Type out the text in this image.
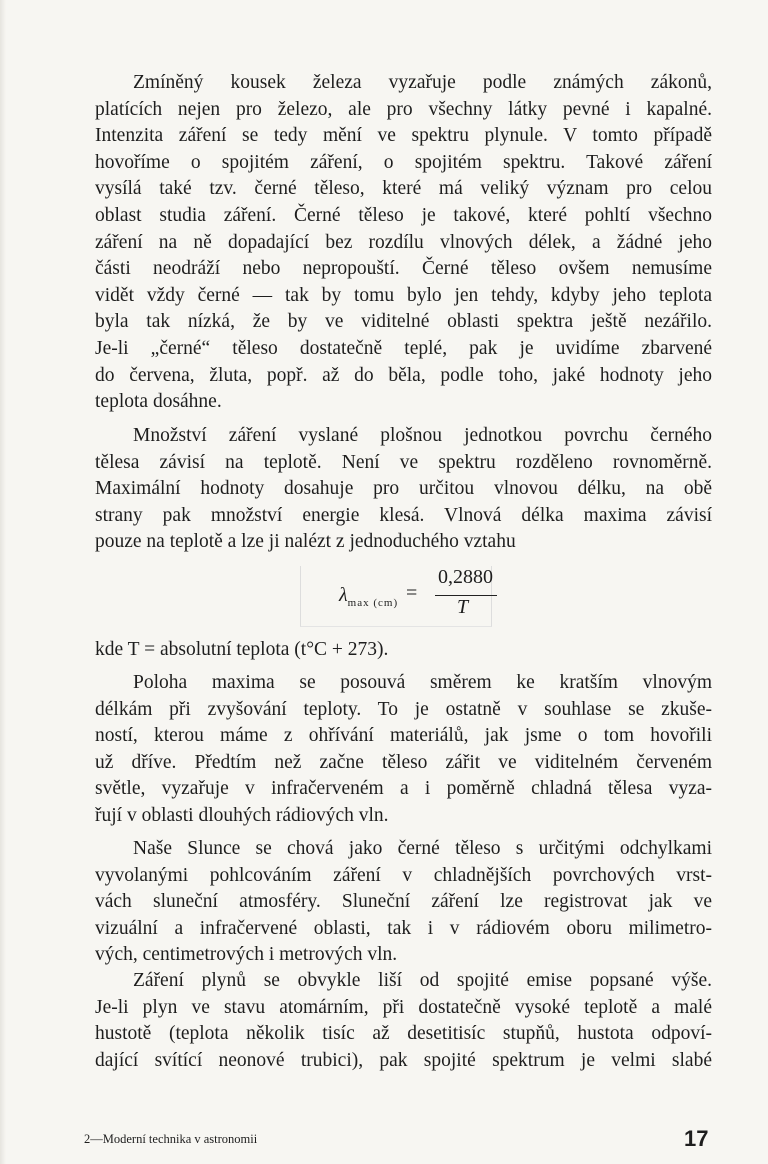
Zmíněný kousek železa vyzařuje podle známých zákonů,
platících nejen pro železo, ale pro všechny látky pevné i kapalné.
Intenzita záření se tedy mění ve spektru plynule. V tomto případě
hovoříme o spojitém záření, o spojitém spektru. Takové záření
vysílá také tzv. černé těleso, které má veliký význam pro celou
oblast studia záření. Černé těleso je takové, které pohltí všechno
záření na ně dopadající bez rozdílu vlnových délek, a žádné jeho
části neodráží nebo nepropouští. Černé těleso ovšem nemusíme
vidět vždy černé — tak by tomu bylo jen tehdy, kdyby jeho teplota
byla tak nízká, že by ve viditelné oblasti spektra ještě nezářilo.
Je-li „černé“ těleso dostatečně teplé, pak je uvidíme zbarvené
do červena, žluta, popř. až do běla, podle toho, jaké hodnoty jeho
teplota dosáhne.
Množství záření vyslané plošnou jednotkou povrchu černého
tělesa závisí na teplotě. Není ve spektru rozděleno rovnoměrně.
Maximální hodnoty dosahuje pro určitou vlnovou délku, na obě
strany pak množství energie klesá. Vlnová délka maxima závisí
pouze na teplotě a lze ji nalézt z jednoduchého vztahu
$\lambda_{max (cm)}$ =
0,2880
T
kde T = absolutní teplota (t°C + 273).
Poloha maxima se posouvá směrem ke kratším vlnovým
délkám při zvyšování teploty. To je ostatně v souhlase se zkuše-
ností, kterou máme z ohřívání materiálů, jak jsme o tom hovořili
už dříve. Předtím než začne těleso zářit ve viditelném červeném
světle, vyzařuje v infračerveném a i poměrně chladná tělesa vyza-
řují v oblasti dlouhých rádiových vln.
Naše Slunce se chová jako černé těleso s určitými odchylkami
vyvolanými pohlcováním záření v chladnějších povrchových vrst-
vách sluneční atmosféry. Sluneční záření lze registrovat jak ve
vizuální a infračervené oblasti, tak i v rádiovém oboru milimetro-
vých, centimetrových i metrových vln.
Záření plynů se obvykle liší od spojité emise popsané výše.
Je-li plyn ve stavu atomárním, při dostatečně vysoké teplotě a malé
hustotě (teplota několik tisíc až desetitisíc stupňů, hustota odpoví-
dající svítící neonové trubici), pak spojité spektrum je velmi slabé
2—Moderní technika v astronomii	17
